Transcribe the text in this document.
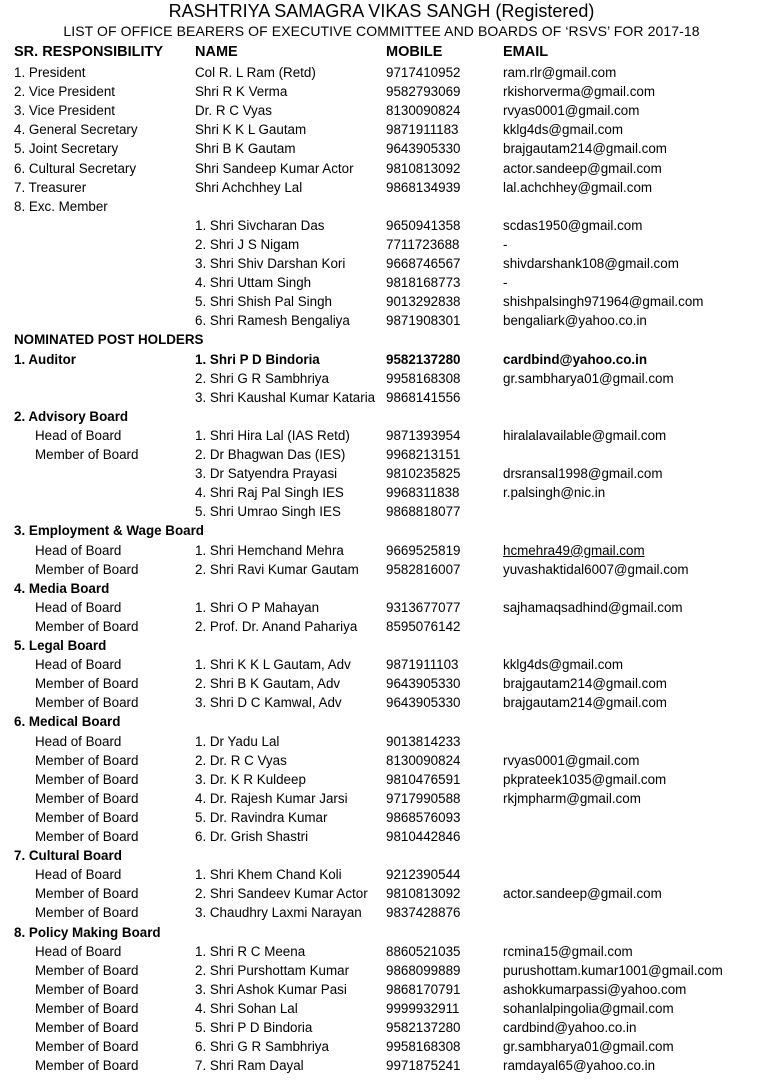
RASHTRIYA SAMAGRA VIKAS SANGH (Registered)
LIST OF OFFICE BEARERS OF EXECUTIVE COMMITTEE AND BOARDS OF ‘RSVS’ FOR 2017-18
SR. RESPONSIBILITY NAME	MOBILE	EMAIL
1. President	Col R. L Ram (Retd)	9717410952	ram.rlr@gmail.com
2. Vice President	Shri R K Verma	9582793069	rkishorverma@gmail.com
3. Vice President	Dr. R C Vyas	8130090824	rvyas0001@gmail.com
4. General Secretary	Shri K K L Gautam	9871911183	kklg4ds@gmail.com
5. Joint Secretary	Shri B K Gautam	9643905330	brajgautam214@gmail.com
6. Cultural Secretary	Shri Sandeep Kumar Actor 9810813092	actor.sandeep@gmail.com
7. Treasurer	Shri Achchhey Lal	9868134939	lal.achchhey@gmail.com
8. Exc. Member
1. Shri Sivcharan Das	9650941358	scdas1950@gmail.com
2. Shri J S Nigam	7711723688	-
3. Shri Shiv Darshan Kori	9668746567	shivdarshank108@gmail.com
4. Shri Uttam Singh	9818168773	-
5. Shri Shish Pal Singh	9013292838	shishpalsingh971964@gmail.com
6. Shri Ramesh Bengaliya	9871908301	bengaliark@yahoo.co.in
NOMINATED POST HOLDERS
1. Auditor	1. Shri P D Bindoria	9582137280	cardbind@yahoo.co.in
2. Shri G R Sambhriya	9958168308	gr.sambharya01@gmail.com
3. Shri Kaushal Kumar Kataria 9868141556
2. Advisory Board
Head of Board	1. Shri Hira Lal (IAS Retd)	9871393954	hiralalavailable@gmail.com
Member of Board	2. Dr Bhagwan Das (IES)	9968213151
3. Dr Satyendra Prayasi	9810235825	drsransal1998@gmail.com
4. Shri Raj Pal Singh IES	9968311838	r.palsingh@nic.in
5. Shri Umrao Singh IES	9868818077
3. Employment & Wage Board
Head of Board	1. Shri Hemchand Mehra	9669525819	hcmehra49@gmail.com
Member of Board	2. Shri Ravi Kumar Gautam 9582816007	yuvashaktidal6007@gmail.com
4. Media Board
Head of Board	1. Shri O P Mahayan	9313677077	sajhamaqsadhind@gmail.com
Member of Board	2. Prof. Dr. Anand Pahariya 8595076142
5. Legal Board
Head of Board	1. Shri K K L Gautam, Adv	9871911103	kklg4ds@gmail.com
Member of Board	2. Shri B K Gautam, Adv	9643905330	brajgautam214@gmail.com
Member of Board	3. Shri D C Kamwal, Adv	9643905330	brajgautam214@gmail.com
6. Medical Board
Head of Board	1. Dr Yadu Lal	9013814233
Member of Board	2. Dr. R C Vyas	8130090824	rvyas0001@gmail.com
Member of Board	3. Dr. K R Kuldeep	9810476591	pkprateek1035@gmail.com
Member of Board	4. Dr. Rajesh Kumar Jarsi	9717990588	rkjmpharm@gmail.com
Member of Board	5. Dr. Ravindra Kumar	9868576093
Member of Board	6. Dr. Grish Shastri	9810442846
7. Cultural Board
Head of Board	1. Shri Khem Chand Koli	9212390544
Member of Board	2. Shri Sandeev Kumar Actor 9810813092	actor.sandeep@gmail.com
Member of Board	3. Chaudhry Laxmi Narayan 9837428876
8. Policy Making Board
Head of Board	1. Shri R C Meena	8860521035	rcmina15@gmail.com
Member of Board	2. Shri Purshottam Kumar	9868099889	purushottam.kumar1001@gmail.com
Member of Board	3. Shri Ashok Kumar Pasi	9868170791	ashokkumarpassi@yahoo.com
Member of Board	4. Shri Sohan Lal	9999932911	sohanlalpingolia@gmail.com
Member of Board	5. Shri P D Bindoria	9582137280	cardbind@yahoo.co.in
Member of Board	6. Shri G R Sambhriya	9958168308	gr.sambharya01@gmail.com
Member of Board	7. Shri Ram Dayal	9971875241	ramdayal65@yahoo.co.in
